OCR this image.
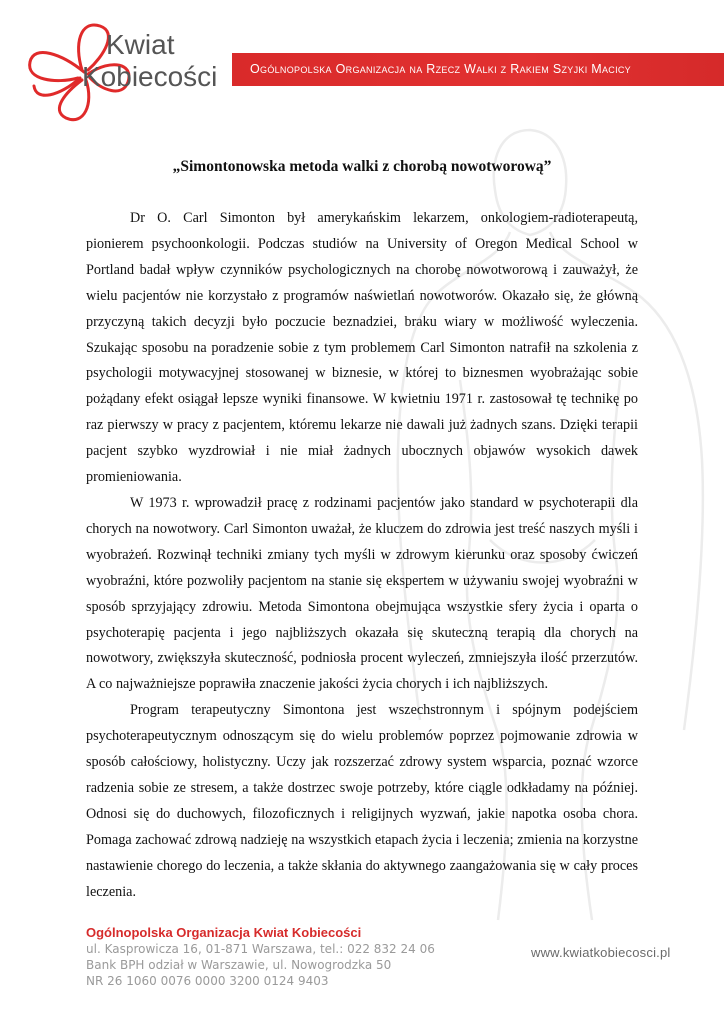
Kwiat
Kobiecości	Ogólnopolska Organizacja na Rzecz Walki z Rakiem Szyjki Macicy
„Simontonowska metoda walki z chorobą nowotworową”

Dr O. Carl Simonton był amerykańskim lekarzem, onkologiem-radioterapeutą, pionierem psychoonkologii. Podczas studiów na University of Oregon Medical School w Portland badał wpływ czynników psychologicznych na chorobę nowotworową i zauważył, że wielu pacjentów nie korzystało z programów naświetlań nowotworów. Okazało się, że główną przyczyną takich decyzji było poczucie beznadziei, braku wiary w możliwość wyleczenia. Szukając sposobu na poradzenie sobie z tym problemem Carl Simonton natrafił na szkolenia z psychologii motywacyjnej stosowanej w biznesie, w której to biznesmen wyobrażając sobie pożądany efekt osiągał lepsze wyniki finansowe. W kwietniu 1971 r. zastosował tę technikę po raz pierwszy w pracy z pacjentem, któremu lekarze nie dawali już żadnych szans. Dzięki terapii pacjent szybko wyzdrowiał i nie miał żadnych ubocznych objawów wysokich dawek promieniowania.

W 1973 r. wprowadził pracę z rodzinami pacjentów jako standard w psychoterapii dla chorych na nowotwory. Carl Simonton uważał, że kluczem do zdrowia jest treść naszych myśli i wyobrażeń. Rozwinął techniki zmiany tych myśli w zdrowym kierunku oraz sposoby ćwiczeń wyobraźni, które pozwoliły pacjentom na stanie się ekspertem w używaniu swojej wyobraźni w sposób sprzyjający zdrowiu. Metoda Simontona obejmująca wszystkie sfery życia i oparta o psychoterapię pacjenta i jego najbliższych okazała się skuteczną terapią dla chorych na nowotwory, zwiększyła skuteczność, podniosła procent wyleczeń, zmniejszyła ilość przerzutów. A co najważniejsze poprawiła znaczenie jakości życia chorych i ich najbliższych.

Program terapeutyczny Simontona jest wszechstronnym i spójnym podejściem psychoterapeutycznym odnoszącym się do wielu problemów poprzez pojmowanie zdrowia w sposób całościowy, holistyczny. Uczy jak rozszerzać zdrowy system wsparcia, poznać wzorce radzenia sobie ze stresem, a także dostrzec swoje potrzeby, które ciągle odkładamy na później. Odnosi się do duchowych, filozoficznych i religijnych wyzwań, jakie napotka osoba chora. Pomaga zachować zdrową nadzieję na wszystkich etapach życia i leczenia; zmienia na korzystne nastawienie chorego do leczenia, a także skłania do aktywnego zaangażowania się w cały proces leczenia.

Ogólnopolska Organizacja Kwiat Kobiecości
ul. Kasprowicza 16, 01-871 Warszawa, tel.: 022 832 24 06
Bank BPH odział w Warszawie, ul. Nowogrodzka 50
NR 26 1060 0076 0000 3200 0124 9403
www.kwiatkobiecosci.pl
